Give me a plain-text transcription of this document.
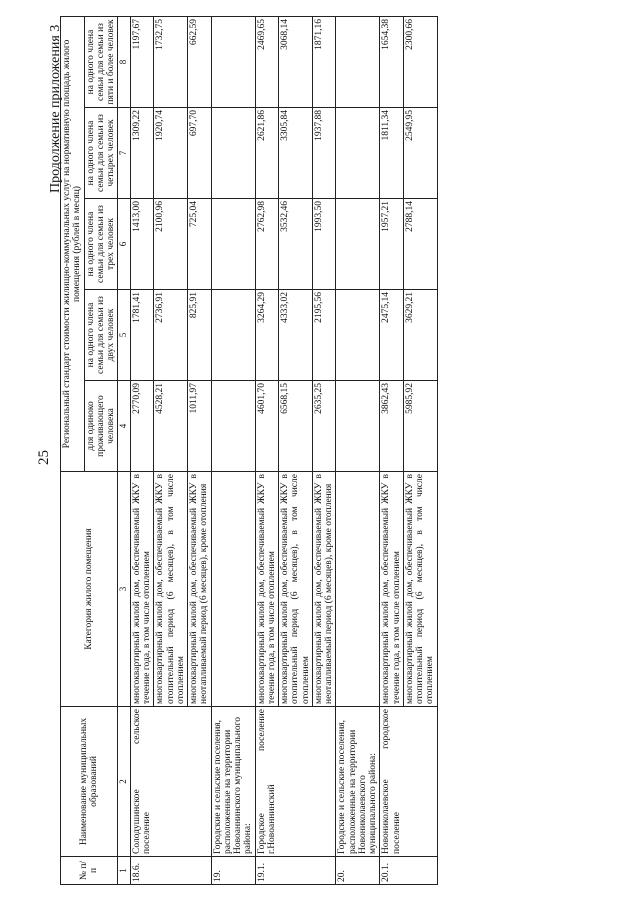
25
Продолжение приложения 3
№ п/п	Наименование муниципальных образований	Категория жилого помещения	Региональный стандарт стоимости жилищно-коммунальных услуг на нормативную площадь жилого помещения (рублей в месяц)				
			для одиноко проживающего человека	на одного члена семьи для семьи из двух человек	на одного члена семьи для семьи из трех человек	на одного члена семьи для семьи из четырех человек	на одного члена семьи для семьи из пяти и более человек
1	2	3	4	5	6	7	8
18.6.	Солодушинское сельское поселение	многоквартирный жилой дом, обеспечиваемый ЖКУ в течение года, в том числе отоплением	2770,09	1781,41	1413,00	1309,22	1197,67
		многоквартирный жилой дом, обеспечиваемый ЖКУ в отопительный период (6 месяцев), в том числе отоплением	4528,21	2736,91	2100,96	1920,74	1732,75
		многоквартирный жилой дом, обеспечиваемый ЖКУ в неотапливаемый период (6 месяцев), кроме отопления	1011,97	825,91	725,04	697,70	662,59
19.	Городские и сельские поселения, расположенные на территории Новоаннинского муниципального района:						
19.1.	Городское поселение г.Новоаннинский	многоквартирный жилой дом, обеспечиваемый ЖКУ в течение года, в том числе отоплением	4601,70	3264,29	2762,98	2621,86	2469,65
		многоквартирный жилой дом, обеспечиваемый ЖКУ в отопительный период (6 месяцев), в том числе отоплением	6568,15	4333,02	3532,46	3305,84	3068,14
		многоквартирный жилой дом, обеспечиваемый ЖКУ в неотапливаемый период (6 месяцев), кроме отопления	2635,25	2195,56	1993,50	1937,88	1871,16
20.	Городские и сельские поселения, расположенные на территории Новониколаевского муниципального района:						
20.1.	Новониколаевское городское поселение	многоквартирный жилой дом, обеспечиваемый ЖКУ в течение года, в том числе отоплением	3862,43	2475,14	1957,21	1811,34	1654,38
		многоквартирный жилой дом, обеспечиваемый ЖКУ в отопительный период (6 месяцев), в том числе отоплением	5985,92	3629,21	2788,14	2549,95	2300,66
